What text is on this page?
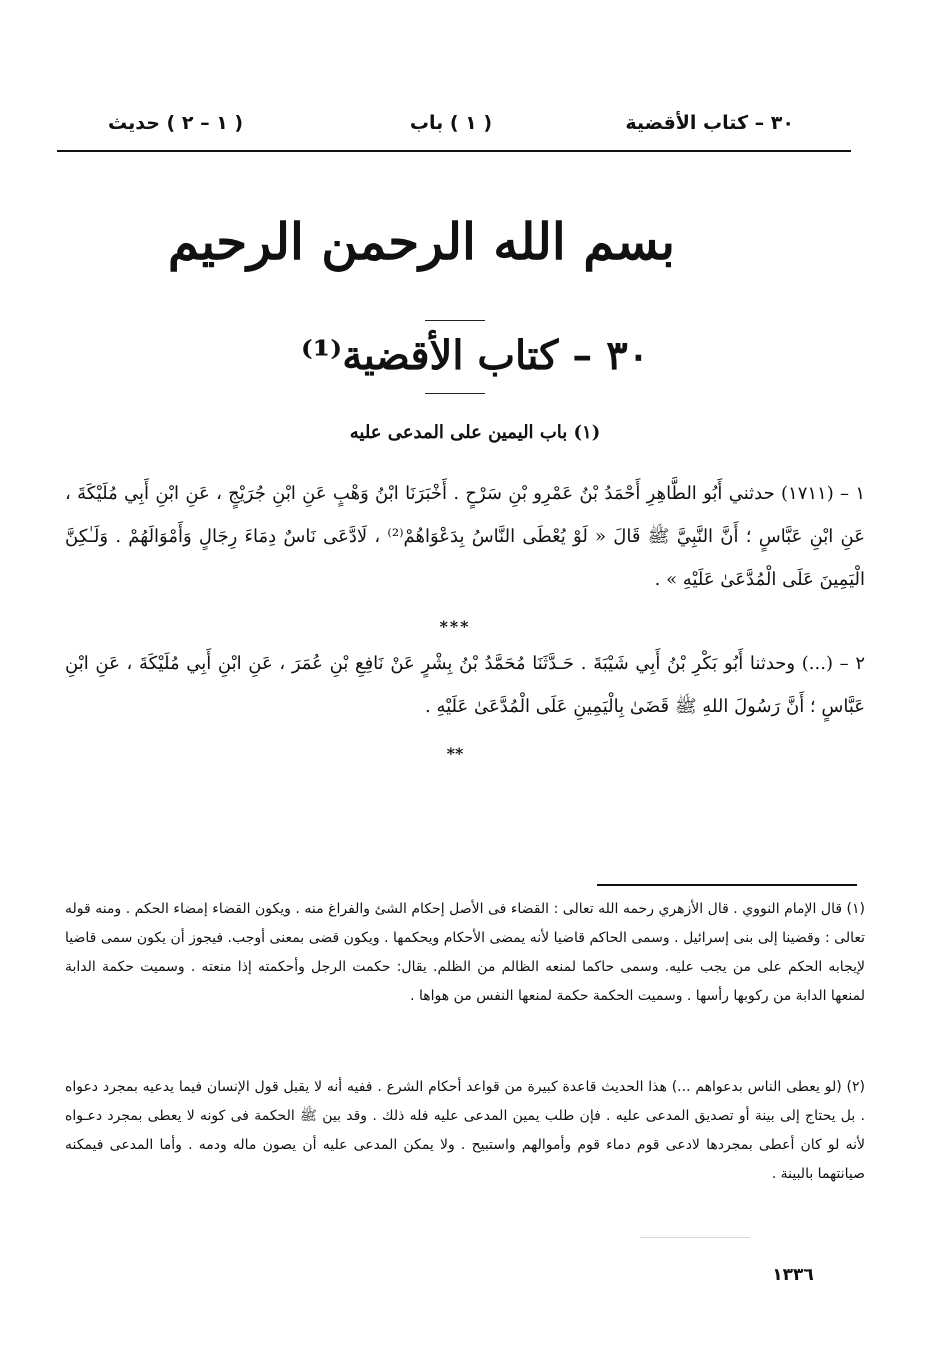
٣٠ – كتاب الأقضية
( ١ ) باب
( ١ – ٢ ) حديث
بسم الله الرحمن الرحيم
٣٠ – كتاب الأقضية⁽¹⁾
(١) باب اليمين على المدعى عليه
١ – (١٧١١) حدثني أَبُو الطَّاهِرِ أَحْمَدُ بْنُ عَمْرِو بْنِ سَرْحٍ . أَخْبَرَنَا ابْنُ وَهْبٍ عَنِ ابْنِ جُرَيْجٍ ، عَنِ ابْنِ أَبِي مُلَيْكَةَ ، عَنِ ابْنِ عَبَّاسٍ ؛ أَنَّ النَّبِيَّ ﷺ قَالَ « لَوْ يُعْطَى النَّاسُ بِدَعْوَاهُمْ⁽²⁾ ، لَادَّعَى نَاسٌ دِمَاءَ رِجَالٍ وَأَمْوَالَهُمْ . وَلَـٰكِنَّ الْيَمِينَ عَلَى الْمُدَّعَىٰ عَلَيْهِ » .
***
٢ – (...) وحدثنا أَبُو بَكْرِ بْنُ أَبِي شَيْبَةَ . حَـدَّثَنَا مُحَمَّدُ بْنُ بِشْرٍ عَنْ نَافِعِ بْنِ عُمَرَ ، عَنِ ابْنِ أَبِي مُلَيْكَةَ ، عَنِ ابْنِ عَبَّاسٍ ؛ أَنَّ رَسُولَ اللهِ ﷺ قَضَىٰ بِالْيَمِينِ عَلَى الْمُدَّعَىٰ عَلَيْهِ .
**
(١) قال الإمام النووي . قال الأزهري رحمه الله تعالى : القضاء فى الأصل إحكام الشئ والفراغ منه . ويكون القضاء إمضاء الحكم . ومنه قوله تعالى : وقضينا إلى بنى إسرائيل . وسمى الحاكم قاضيا لأنه يمضى الأحكام ويحكمها . ويكون قضى بمعنى أوجب. فيجوز أن يكون سمى قاضيا لإيجابه الحكم على من يجب عليه. وسمى حاكما لمنعه الظالم من الظلم. يقال: حكمت الرجل وأحكمته إذا منعته . وسميت حكمة الدابة لمنعها الدابة من ركوبها رأسها . وسميت الحكمة حكمة لمنعها النفس من هواها .
(٢) (لو يعطى الناس بدعواهم ...) هذا الحديث قاعدة كبيرة من قواعد أحكام الشرع . ففيه أنه لا يقبل قول الإنسان فيما يدعيه بمجرد دعواه . بل يحتاج إلى بينة أو تصديق المدعى عليه . فإن طلب يمين المدعى عليه فله ذلك . وقد بين ﷺ الحكمة فى كونه لا يعطى بمجرد دعـواه لأنه لو كان أعطى بمجردها لادعى قوم دماء قوم وأموالهم واستبيح . ولا يمكن المدعى عليه أن يصون ماله ودمه . وأما المدعى فيمكنه صيانتهما بالبينة .
١٣٣٦
